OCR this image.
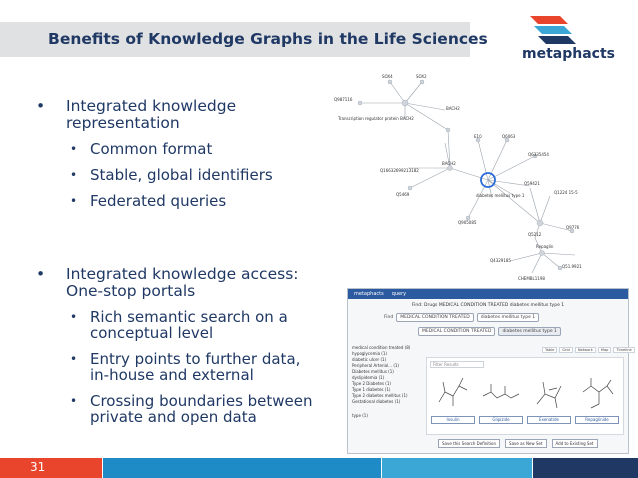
Benefits of Knowledge Graphs in the Life Sciences
metaphacts
• Integrated knowledge
representation
• Common format
• Stable, global identifiers
• Federated queries
• Integrated knowledge access:
One-stop portals
• Rich semantic search on a
conceptual level
• Entry points to further data,
in-house and external
• Crossing boundaries between
private and open data
SOX4	SOX2
Q987116
BACH2
Transcription regulator protein BACH2
E10	Q6063
Q6335454
BACH2
Q16632699213182
Q5469	diabetes mellitus type 1
Q59421
Q1224 15-5
Q905085
Q9776
Q5212
Repaglin
Q4329185
Q51.9921
CHEMBL1198
metaphacts query
Find: Drugs MEDICAL CONDITION TREATED diabetes mellitus type 1
Find	MEDICAL CONDITION TREATED	diabetes mellitus type 1
MEDICAL CONDITION TREATED	diabetes mellitus type 1
medical condition treated (8)
hypoglycemia (1)
diabetic ulcer (1)
Peripheral Arterial... (1)
Diabetes mellitus (1)
dyslipidemia (1)
Type 2 Diabetes (1)
Type 1 diabetes (1)
Type 2 diabetes mellitus (1)
Gestational diabetes (1)
type (1)
Table	Grid	Network	Map	Timeline
Filter Results
Insulin	Glipizide	Exenatide	Repaglinide
Save this Search Definition	Save as New Set	Add to Existing Set
31
